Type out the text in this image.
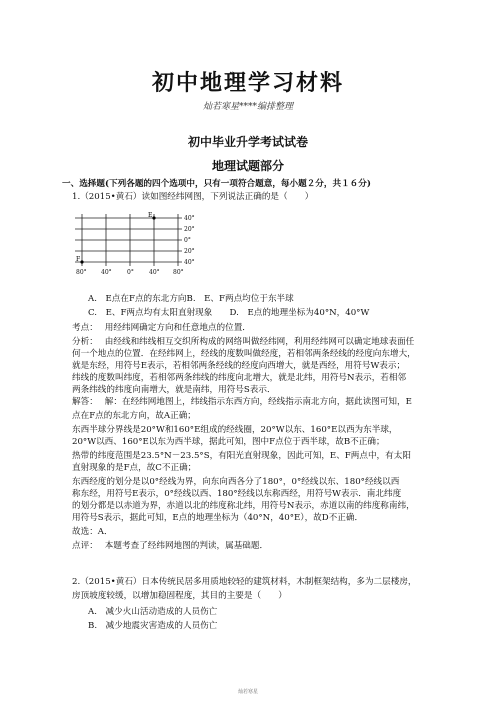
初中地理学习材料
灿若寒星****编排整理
初中毕业升学考试试卷
地理试题部分
一、选择题(下列各题的四个选项中，只有一项符合题意，每小题２分，共１６分)
1.（2015•黄石）读如图经纬网图，下列说法正确的是（　　）
E
F
40°
20°
0°
20°
40°
80° 40°	0°	40° 80°
A.　E点在F点的东北方向B.　E、F两点均位于东半球
C.　E、F两点均有太阳直射现象　　D.　E点的地理坐标为40°N，40°W
考点：　 用经纬网确定方向和任意地点的位置．
分析：　 由经线和纬线相互交织所构成的网络叫做经纬网，利用经纬网可以确定地球表面任
何一个地点的位置．在经纬网上，经线的度数叫做经度，若相邻两条经线的经度向东增大，
就是东经，用符号E表示，若相邻两条经线的经度向西增大，就是西经，用符号W表示；
纬线的度数叫纬度，若相邻两条纬线的纬度向北增大，就是北纬，用符号N表示，若相邻
两条纬线的纬度向南增大，就是南纬，用符号S表示．
解答：　 解：在经纬网地图上，纬线指示东西方向，经线指示南北方向，据此读图可知，E
点在F点的东北方向，故A正确；
东西半球分界线是20°W和160°E组成的经线圈，20°W以东、160°E以西为东半球，
20°W以西、160°E以东为西半球，据此可知，图中F点位于西半球，故B不正确；
热带的纬度范围是23.5°N－23.5°S，有阳光直射现象，因此可知，E、F两点中，有太阳
直射现象的是F点，故C不正确；
东西经度的划分是以0°经线为界，向东向西各分了180°，0°经线以东、180°经线以西
称东经，用符号E表示，0°经线以西、180°经线以东称西经，用符号W表示．南北纬度
的划分都是以赤道为界，赤道以北的纬度称北纬，用符号N表示，赤道以南的纬度称南纬，
用符号S表示，据此可知，E点的地理坐标为（40°N，40°E），故D不正确．
故选：A．
点评：　 本题考查了经纬网地图的判读，属基础题．
2.（2015•黄石）日本传统民居多用质地较轻的建筑材料，木制框架结构，多为二层楼房，
房顶坡度较缓，以增加稳固程度，其目的主要是（　　）
A.　减少火山活动造成的人员伤亡
B.　减少地震灾害造成的人员伤亡
灿若寒星
